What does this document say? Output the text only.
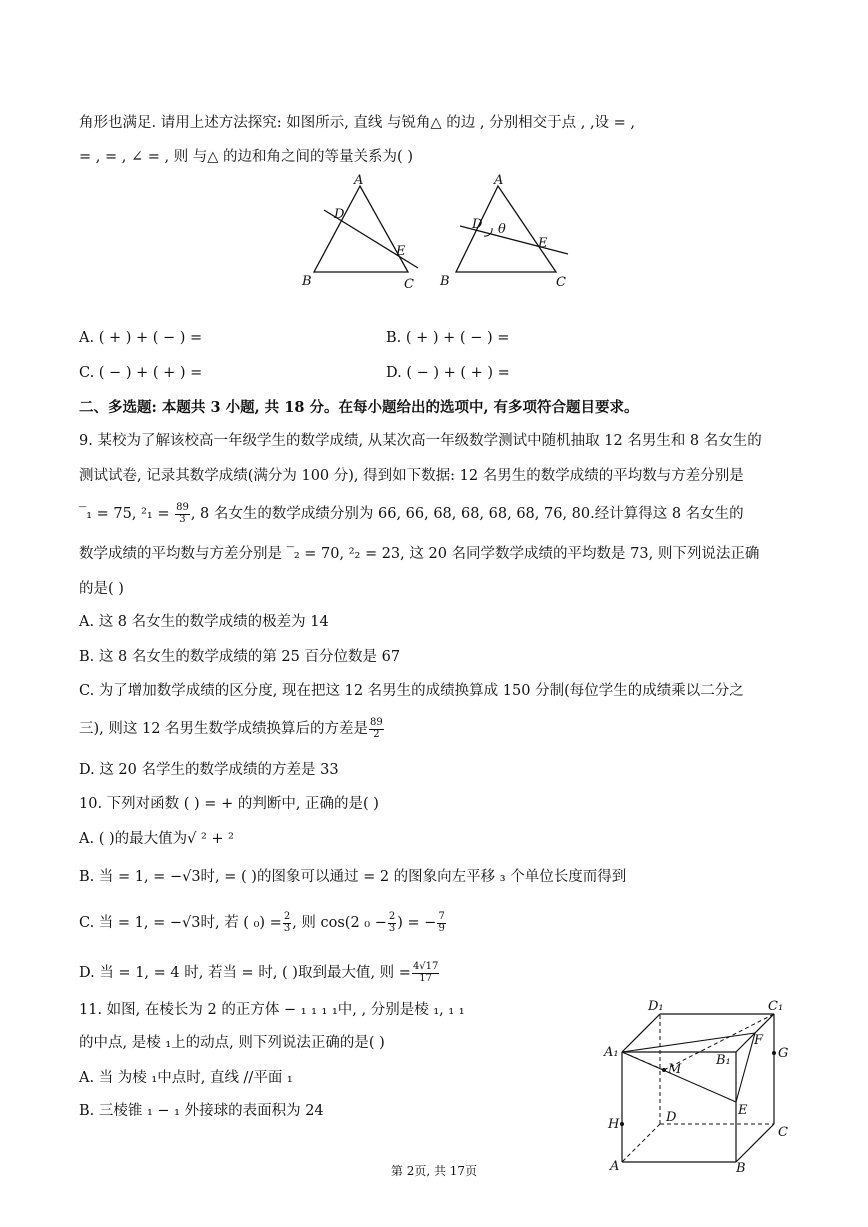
角形也满足. 请用上述方法探究: 如图所示, 直线 与锐角△ 的边 , 分别相交于点 , ,设 = ,
= , = , ∠ = , 则 与△ 的边和角之间的等量关系为( )
A
D
E
B	C
A
D θ
E
B	C
A. ( + ) + ( − ) =	B. ( + ) + ( − ) =
C. ( − ) + ( + ) =	D. ( − ) + ( + ) =
二、多选题: 本题共 3 小题, 共 18 分。在每小题给出的选项中, 有多项符合题目要求。
9. 某校为了解该校高一年级学生的数学成绩, 从某次高一年级数学测试中随机抽取 12 名男生和 8 名女生的
测试试卷, 记录其数学成绩(满分为 100 分), 得到如下数据: 12 名男生的数学成绩的平均数与方差分别是
‾₁ = 75, $^2_1 = \frac{89}{3}$ , 8 名女生的数学成绩分别为 66, 66, 68, 68, 68, 68, 76, 80.经计算得这 8 名女生的
数学成绩的平均数与方差分别是 ‾₂ = 70, ²₂ = 23, 这 20 名同学数学成绩的平均数是 73, 则下列说法正确
的是( )
A. 这 8 名女生的数学成绩的极差为 14
B. 这 8 名女生的数学成绩的第 25 百分位数是 67
C. 为了增加数学成绩的区分度, 现在把这 12 名男生的成绩换算成 150 分制(每位学生的成绩乘以二分之
三), 则这 12 名男生数学成绩换算后的方差是 $\frac{89}{2}$
D. 这 20 名学生的数学成绩的方差是 33
10. 下列对函数 ( ) = + 的判断中, 正确的是( )
A. ( )的最大值为√ ² + ²
B. 当 = 1, = −√3时, = ( )的图象可以通过 = 2 的图象向左平移 ₃ 个单位长度而得到
C. 当 = 1, = −√3时, 若 ( $_0) = \frac{2}{3}$ , 则 cos(2 $_0 - \frac{2}{3}$ ) = − $\frac{7}{9}$
D. 当 = 1, = 4 时, 若当 = 时, ( )取到最大值, 则 = $\frac{4√17}{17}$
11. 如图, 在棱长为 2 的正方体 − ₁ ₁ ₁ ₁中, , 分别是棱 ₁, ₁ ₁
的中点, 是棱 ₁上的动点, 则下列说法正确的是( )
A. 当 为棱 ₁中点时, 直线 //平面 ₁
B. 三棱锥 ₁ − ₁ 外接球的表面积为 24
D₁	C₁
A₁
B₁
F
G
M
D	E
H
C
A	B
第 2页, 共 17页
